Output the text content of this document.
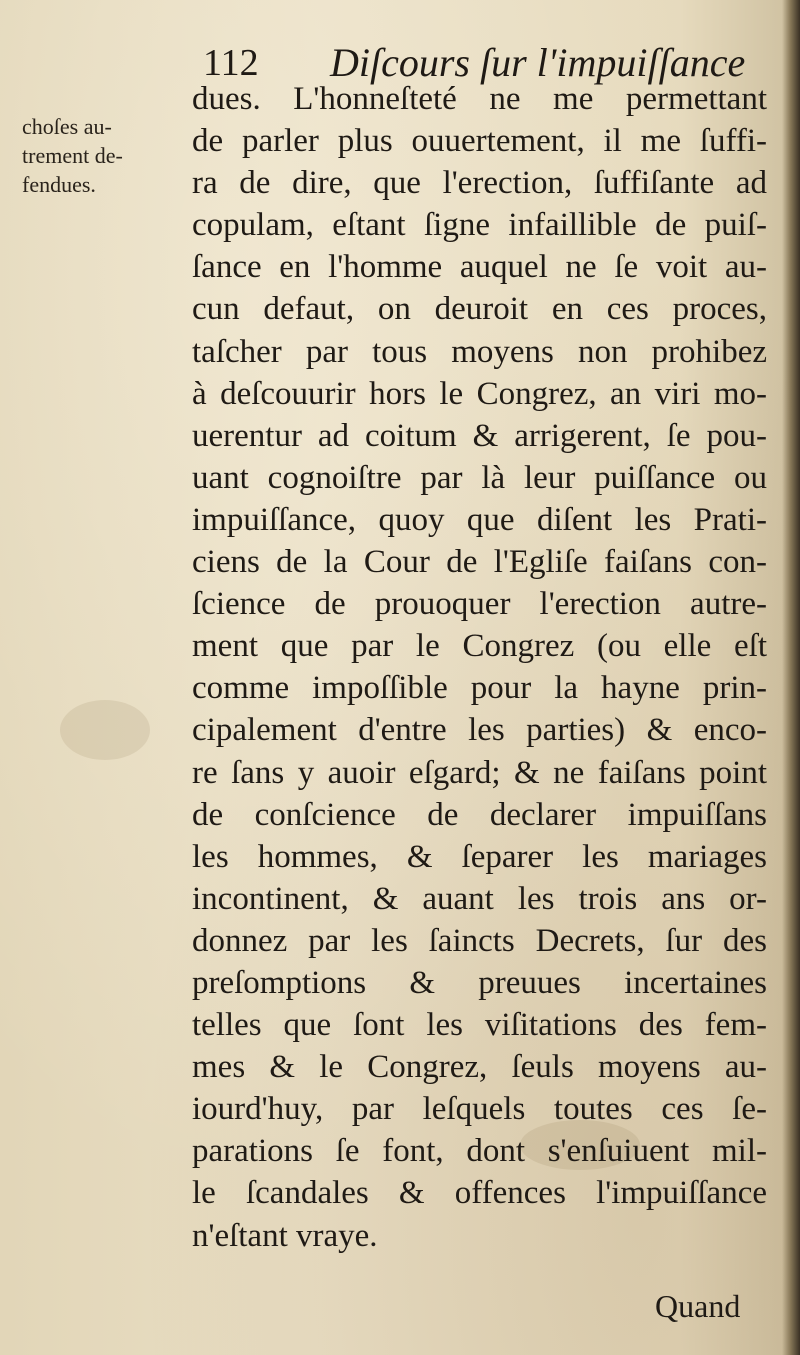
112 Diſcours ſur l'impuiſſance
choſes au-
trement de-
fendues.
dues. L'honneſteté ne me permettant
de parler plus ouuertement, il me ſuffi-
ra de dire, que l'erection, ſuffiſante ad
copulam, eſtant ſigne infaillible de puiſ-
ſance en l'homme auquel ne ſe voit au-
cun defaut, on deuroit en ces proces,
taſcher par tous moyens non prohibez
à deſcouurir hors le Congrez, an viri mo-
uerentur ad coitum & arrigerent, ſe pou-
uant cognoiſtre par là leur puiſſance ou
impuiſſance, quoy que diſent les Prati-
ciens de la Cour de l'Egliſe faiſans con-
ſcience de prouoquer l'erection autre-
ment que par le Congrez (ou elle eſt
comme impoſſible pour la hayne prin-
cipalement d'entre les parties) & enco-
re ſans y auoir eſgard; & ne faiſans point
de conſcience de declarer impuiſſans
les hommes, & ſeparer les mariages
incontinent, & auant les trois ans or-
donnez par les ſaincts Decrets, ſur des
preſomptions & preuues incertaines
telles que ſont les viſitations des fem-
mes & le Congrez, ſeuls moyens au-
iourd'huy, par leſquels toutes ces ſe-
parations ſe font, dont s'enſuiuent mil-
le ſcandales & offences l'impuiſſance
n'eſtant vraye.
Quand
